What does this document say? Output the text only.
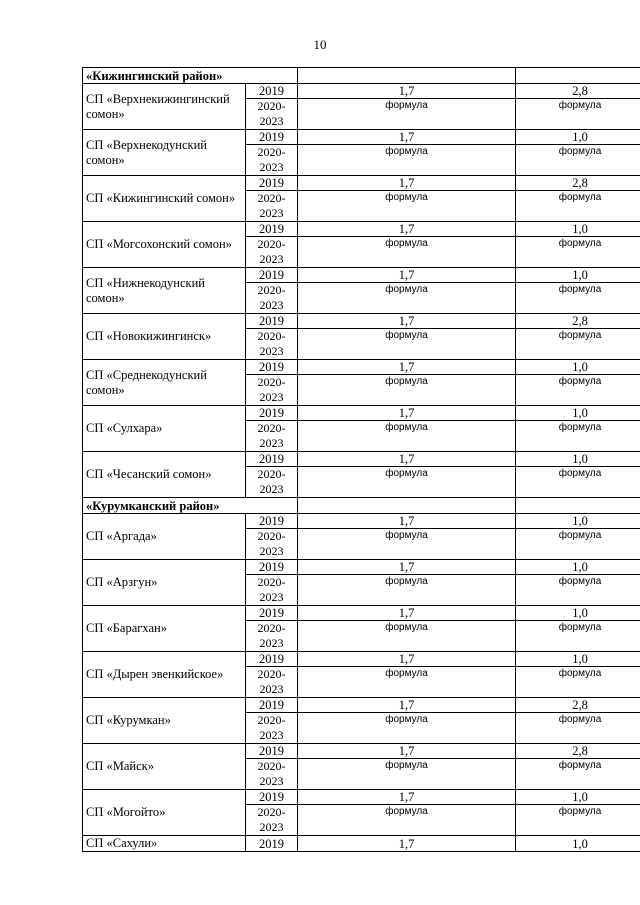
10
«Кижингинский район»			
СП «Верхнекижингинский сомон»	2019	1,7	2,8
	2020-2023	формула	формула
СП «Верхнекодунский сомон»	2019	1,7	1,0
	2020-2023	формула	формула
СП «Кижингинский сомон»	2019	1,7	2,8
	2020-2023	формула	формула
СП «Могсохонский сомон»	2019	1,7	1,0
	2020-2023	формула	формула
СП «Нижнекодунский сомон»	2019	1,7	1,0
	2020-2023	формула	формула
СП «Новокижингинск»	2019	1,7	2,8
	2020-2023	формула	формула
СП «Среднекодунский сомон»	2019	1,7	1,0
	2020-2023	формула	формула
СП «Сулхара»	2019	1,7	1,0
	2020-2023	формула	формула
СП «Чесанский сомон»	2019	1,7	1,0
	2020-2023	формула	формула
«Курумканский район»			
СП «Аргада»	2019	1,7	1,0
	2020-2023	формула	формула
СП «Арзгун»	2019	1,7	1,0
	2020-2023	формула	формула
СП «Барагхан»	2019	1,7	1,0
	2020-2023	формула	формула
СП «Дырен эвенкийское»	2019	1,7	1,0
	2020-2023	формула	формула
СП «Курумкан»	2019	1,7	2,8
	2020-2023	формула	формула
СП «Майск»	2019	1,7	2,8
	2020-2023	формула	формула
СП «Могойто»	2019	1,7	1,0
	2020-2023	формула	формула
СП «Сахули»	2019	1,7	1,0
